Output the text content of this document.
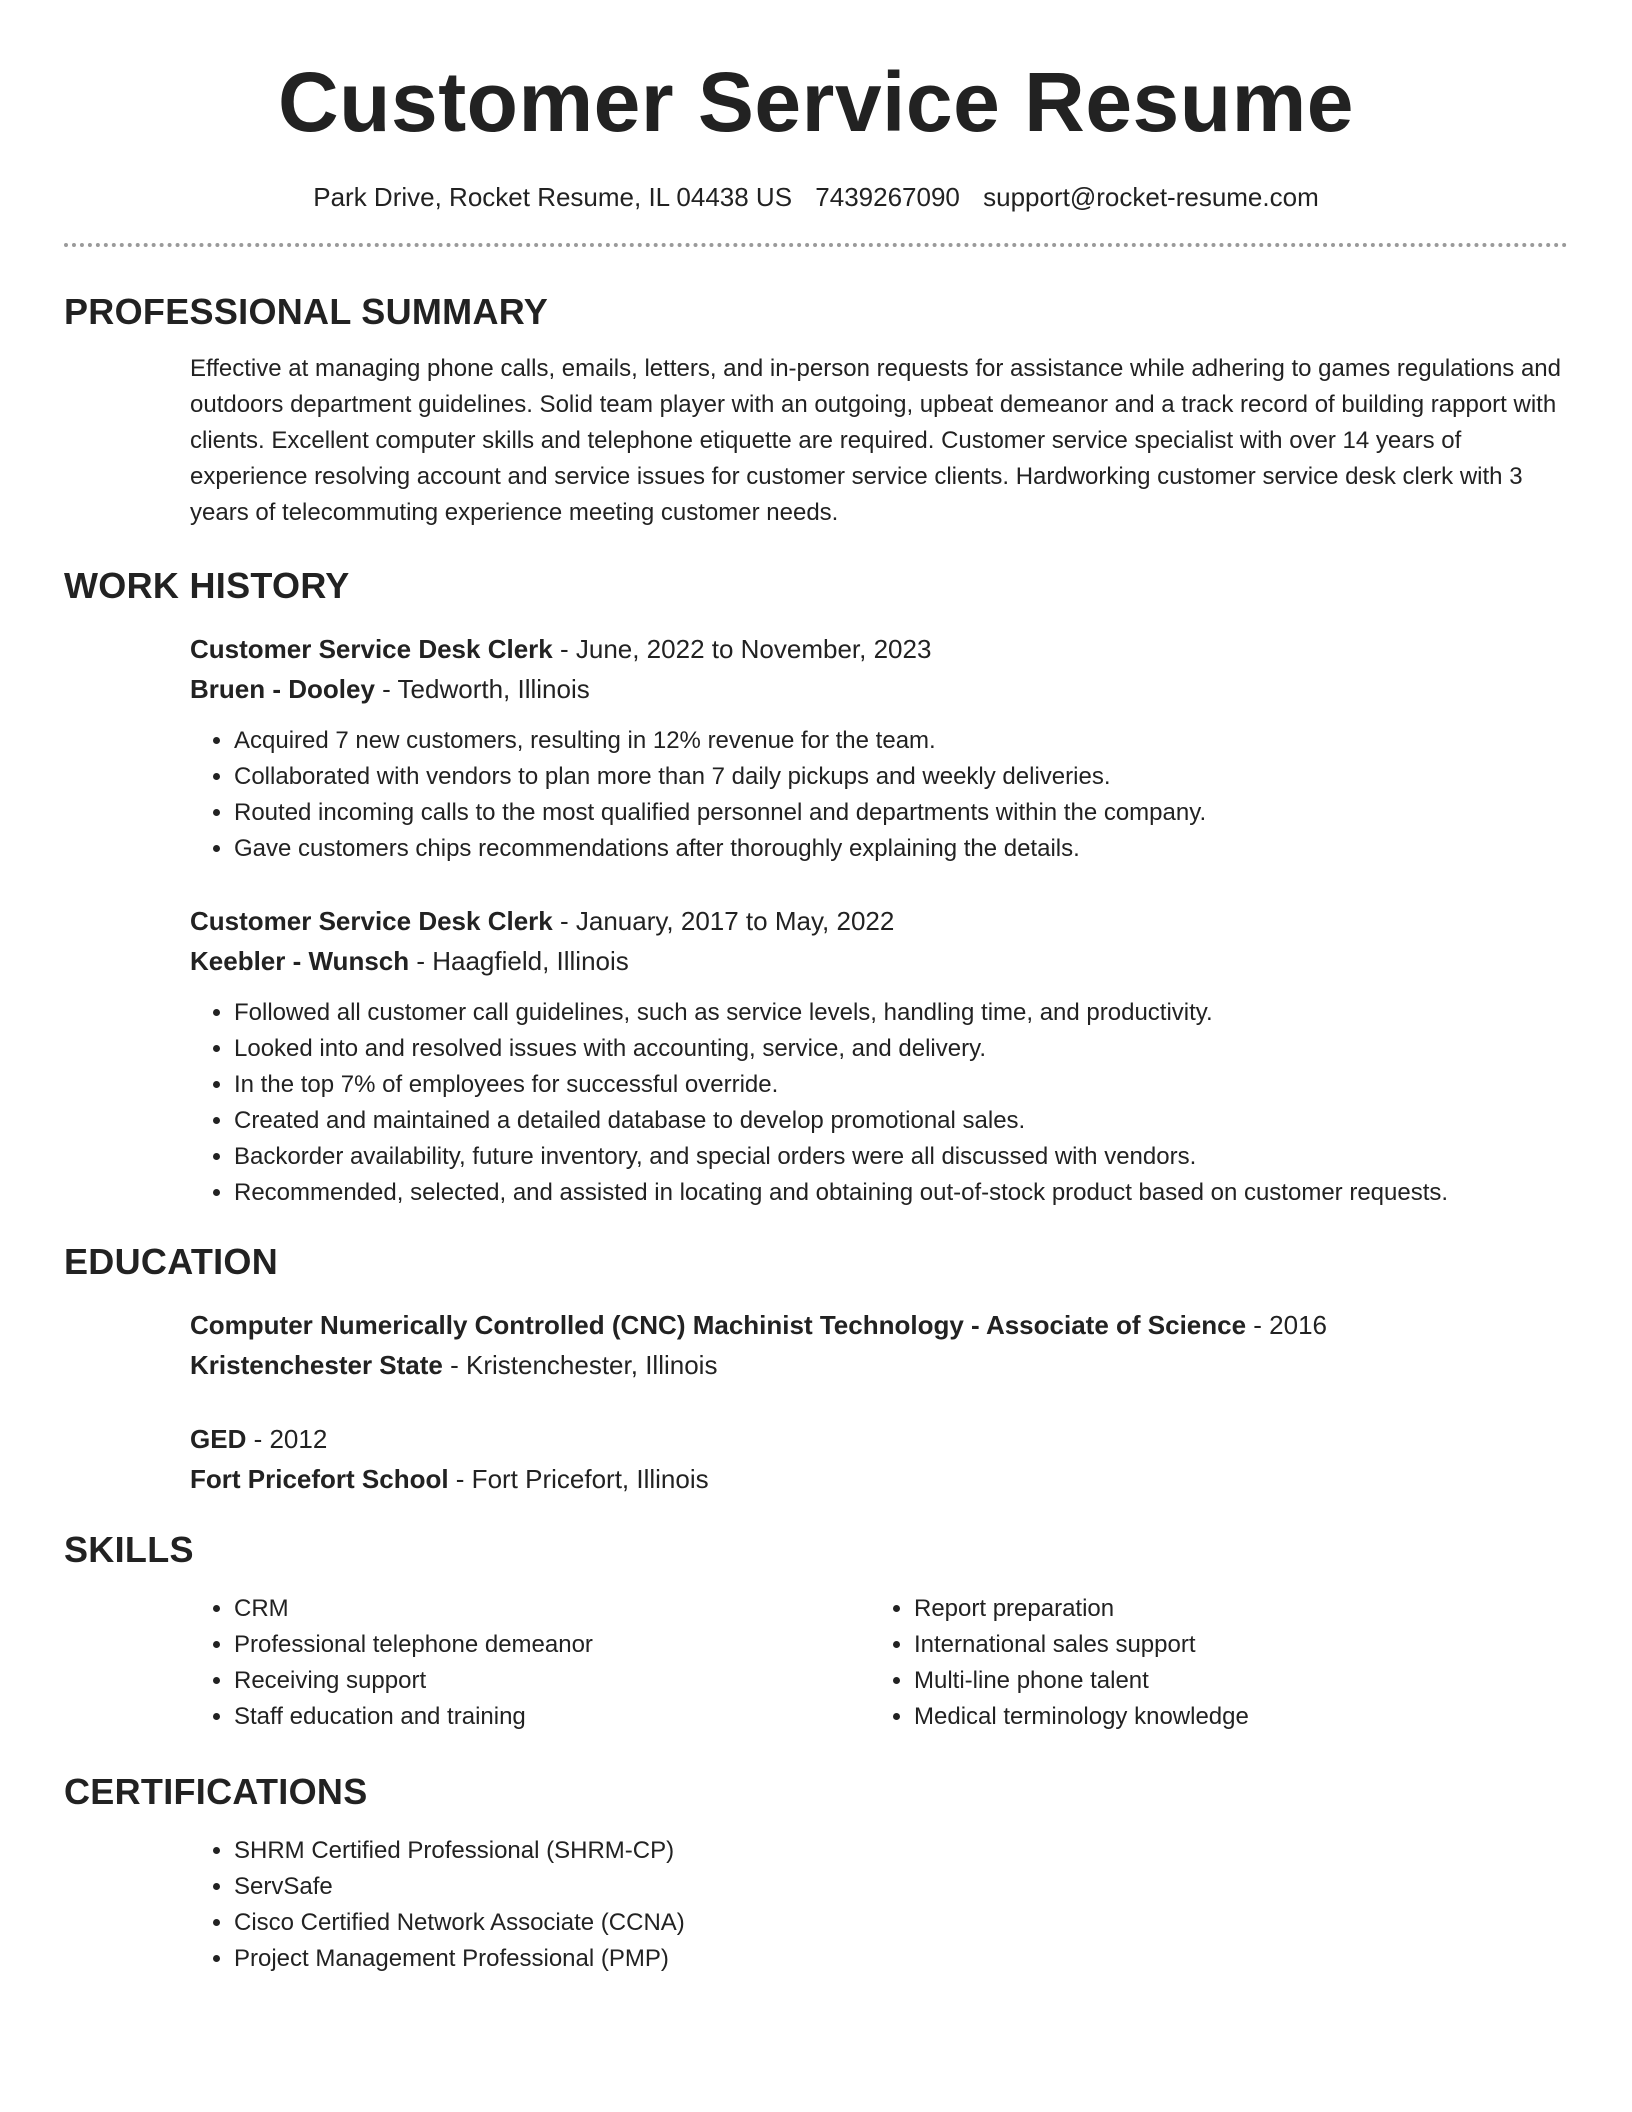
Customer Service Resume
Park Drive, Rocket Resume, IL 04438 US 7439267090 support@rocket-resume.com
PROFESSIONAL SUMMARY

Effective at managing phone calls, emails, letters, and in-person requests for assistance while adhering to games regulations and outdoors department guidelines. Solid team player with an outgoing, upbeat demeanor and a track record of building rapport with clients. Excellent computer skills and telephone etiquette are required. Customer service specialist with over 14 years of experience resolving account and service issues for customer service clients. Hardworking customer service desk clerk with 3 years of telecommuting experience meeting customer needs.

WORK HISTORY
Customer Service Desk Clerk - June, 2022 to November, 2023
Bruen - Dooley - Tedworth, Illinois
• Acquired 7 new customers, resulting in 12% revenue for the team.
• Collaborated with vendors to plan more than 7 daily pickups and weekly deliveries.
• Routed incoming calls to the most qualified personnel and departments within the company.
• Gave customers chips recommendations after thoroughly explaining the details.
Customer Service Desk Clerk - January, 2017 to May, 2022
Keebler - Wunsch - Haagfield, Illinois
• Followed all customer call guidelines, such as service levels, handling time, and productivity.
• Looked into and resolved issues with accounting, service, and delivery.
• In the top 7% of employees for successful override.
• Created and maintained a detailed database to develop promotional sales.
• Backorder availability, future inventory, and special orders were all discussed with vendors.
• Recommended, selected, and assisted in locating and obtaining out-of-stock product based on customer requests.
EDUCATION
Computer Numerically Controlled (CNC) Machinist Technology - Associate of Science - 2016
Kristenchester State - Kristenchester, Illinois
GED - 2012
Fort Pricefort School - Fort Pricefort, Illinois
SKILLS
• CRM
• Professional telephone demeanor
• Receiving support
• Staff education and training
• Report preparation
• International sales support
• Multi-line phone talent
• Medical terminology knowledge
CERTIFICATIONS
• SHRM Certified Professional (SHRM-CP)
• ServSafe
• Cisco Certified Network Associate (CCNA)
• Project Management Professional (PMP)
